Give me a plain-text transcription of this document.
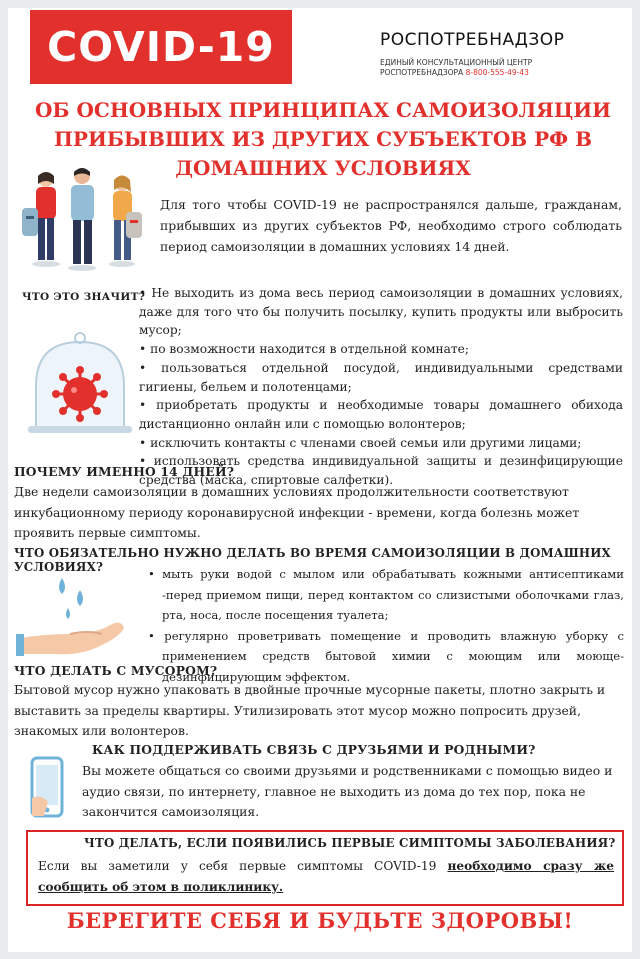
COVID-19	РОСПОТРЕБНАДЗОР
ЕДИНЫЙ КОНСУЛЬТАЦИОННЫЙ ЦЕНТР
РОСПОТРЕБНАДЗОРА 8-800-555-49-43
ОБ ОСНОВНЫХ ПРИНЦИПАХ САМОИЗОЛЯЦИИ
ПРИБЫВШИХ ИЗ ДРУГИХ СУБЪЕКТОВ РФ В
ДОМАШНИХ УСЛОВИЯХ
Для того чтобы COVID-19 не распространялся дальше, гражданам, прибывших из других субъектов РФ, необходимо строго соблюдать период самоизоляции в домашних условиях 14 дней.
ЧТО ЭТО ЗНАЧИТ? • Не выходить из дома весь период самоизоляции в домашних условиях, даже для того что бы получить посылку, купить продукты или выбросить мусор;
• по возможности находится в отдельной комнате;
• пользоваться отдельной посудой, индивидуальными средствами гигиены, бельем и полотенцами;
• приобретать продукты и необходимые товары домашнего обихода дистанционно онлайн или с помощью волонтеров;
• исключить контакты с членами своей семьи или другими лицами;
• использовать средства индивидуальной защиты и дезинфицирующие средства (маска, спиртовые салфетки).
ПОЧЕМУ ИМЕННО 14 ДНЕЙ?
Две недели самоизоляции в домашних условиях продолжительности соответствуют инкубационному периоду коронавирусной инфекции - времени, когда болезнь может проявить первые симптомы.
ЧТО ОБЯЗАТЕЛЬНО НУЖНО ДЕЛАТЬ ВО ВРЕМЯ САМОИЗОЛЯЦИИ В ДОМАШНИХ УСЛОВИЯХ?	• мыть руки водой с мылом или обрабатывать кожными антисептиками -перед приемом пищи, перед контактом со слизистыми оболочками глаз, рта, носа, после посещения туалета;
• регулярно проветривать помещение и проводить влажную уборку с применением средств бытовой химии с моющим или моюще-дезинфицирующим эффектом.
ЧТО ДЕЛАТЬ С МУСОРОМ?
Бытовой мусор нужно упаковать в двойные прочные мусорные пакеты, плотно закрыть и выставить за пределы квартиры. Утилизировать этот мусор можно попросить друзей, знакомых или волонтеров.
КАК ПОДДЕРЖИВАТЬ СВЯЗЬ С ДРУЗЬЯМИ И РОДНЫМИ?
Вы можете общаться со своими друзьями и родственниками с помощью видео и аудио связи, по интернету, главное не выходить из дома до тех пор, пока не закончится самоизоляция.
ЧТО ДЕЛАТЬ, ЕСЛИ ПОЯВИЛИСЬ ПЕРВЫЕ СИМПТОМЫ ЗАБОЛЕВАНИЯ?
Если вы заметили у себя первые симптомы COVID-19 необходимо сразу же сообщить об этом в поликлинику.
БЕРЕГИТЕ СЕБЯ И БУДЬТЕ ЗДОРОВЫ!
